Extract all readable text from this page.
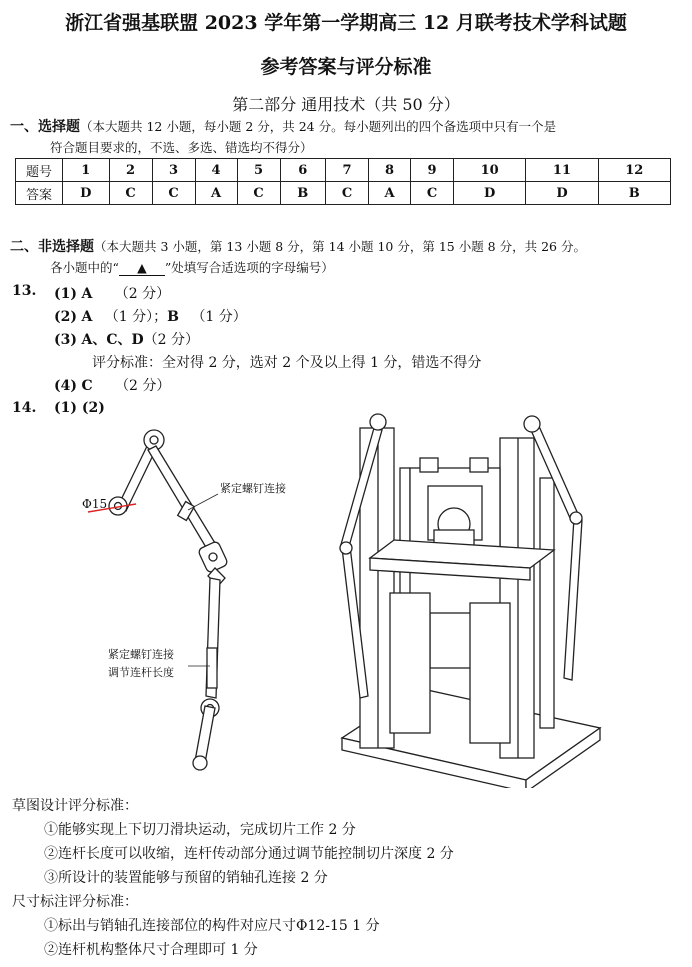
浙江省强基联盟 2023 学年第一学期高三 12 月联考技术学科试题
参考答案与评分标准
第二部分 通用技术（共 50 分）
一、选择题（本大题共 12 小题，每小题 2 分，共 24 分。每小题列出的四个备选项中只有一个是
符合题目要求的，不选、多选、错选均不得分）
题号	1	2	3	4	5	6	7	8	9	10	11	12
答案	D	C	C	A	C	B	C	A	C	D	D	B
二、非选择题（本大题共 3 小题，第 13 小题 8 分，第 14 小题 10 分，第 15 小题 8 分，共 26 分。
各小题中的“ ▲ ”处填写合适选项的字母编号）
13. (1) A （2 分）
(2) A （1 分）；B （1 分）
(3) A、C、D（2 分）
评分标准：全对得 2 分，选对 2 个及以上得 1 分，错选不得分
(4) C （2 分）
14. (1) (2)
Φ15
紧定螺钉连接
紧定螺钉连接
调节连杆长度
草图设计评分标准：
①能够实现上下切刀滑块运动，完成切片工作 2 分
②连杆长度可以收缩，连杆传动部分通过调节能控制切片深度 2 分
③所设计的装置能够与预留的销轴孔连接 2 分
尺寸标注评分标准：
①标出与销轴孔连接部位的构件对应尺寸Φ12-15 1 分
②连杆机构整体尺寸合理即可 1 分
